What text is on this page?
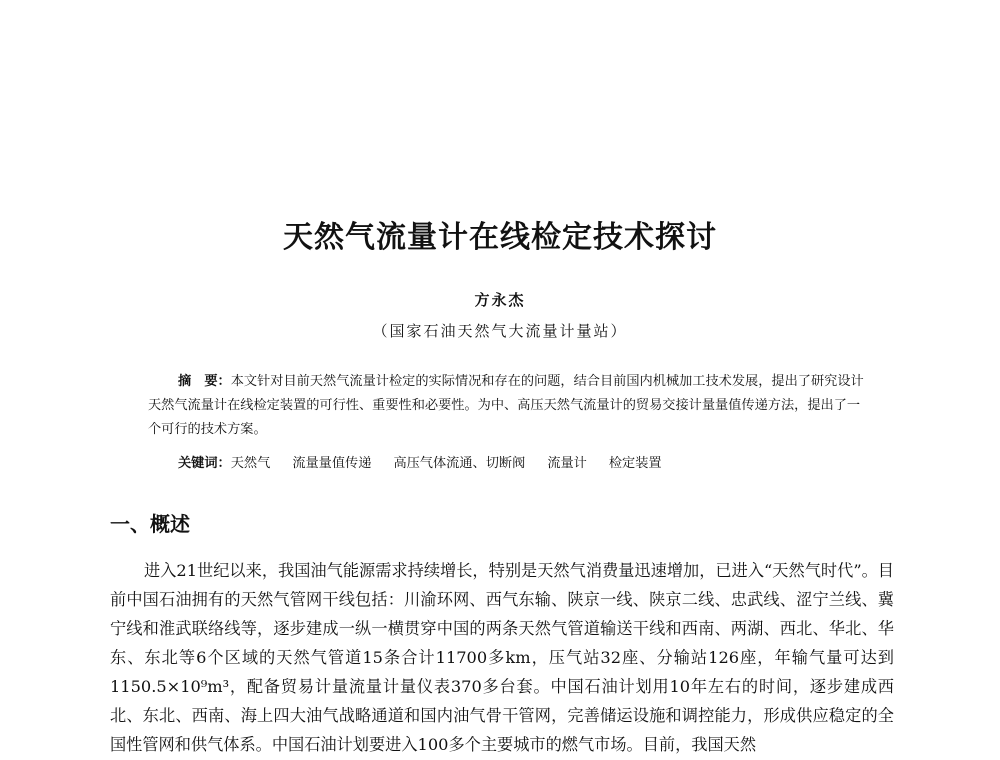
天然气流量计在线检定技术探讨
方永杰
（国家石油天然气大流量计量站）

摘　要：本文针对目前天然气流量计检定的实际情况和存在的问题，结合目前国内机械加工技术发展，提出了研究设计天然气流量计在线检定装置的可行性、重要性和必要性。为中、高压天然气流量计的贸易交接计量量值传递方法，提出了一个可行的技术方案。

关键词：天然气 流量量值传递 高压气体流通、切断阀 流量计 检定装置

一、概述

进入21世纪以来，我国油气能源需求持续增长，特别是天然气消费量迅速增加，已进入“天然气时代”。目前中国石油拥有的天然气管网干线包括：川渝环网、西气东输、陕京一线、陕京二线、忠武线、涩宁兰线、冀宁线和淮武联络线等，逐步建成一纵一横贯穿中国的两条天然气管道输送干线和西南、两湖、西北、华北、华东、东北等6个区域的天然气管道15条合计11700多km，压气站32座、分输站126座，年输气量可达到1150.5×10⁹m³，配备贸易计量流量计量仪表370多台套。中国石油计划用10年左右的时间，逐步建成西北、东北、西南、海上四大油气战略通道和国内油气骨干管网，完善储运设施和调控能力，形成供应稳定的全国性管网和供气体系。中国石油计划要进入100多个主要城市的燃气市场。目前，我国天然
